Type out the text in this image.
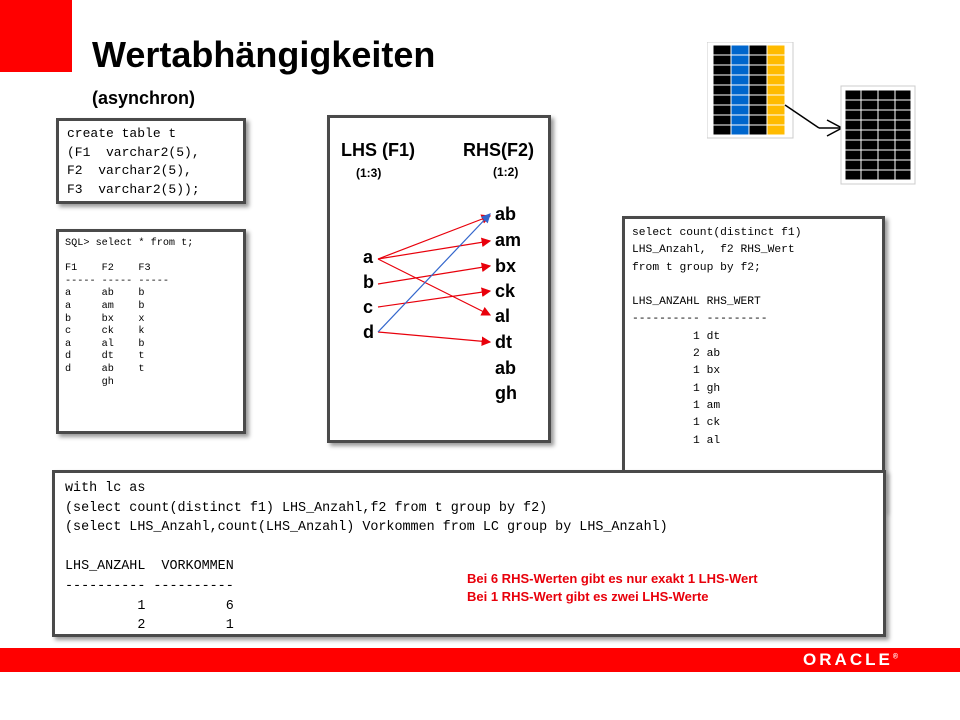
Wertabhängigkeiten
(asynchron)
create table t
(F1  varchar2(5),
F2  varchar2(5),
F3  varchar2(5));
SQL> select * from t;

F1    F2    F3
----- ----- -----
a     ab    b
a     am    b
b     bx    x
c     ck    k
a     al    b
d     dt    t
d     ab    t
gh
LHS (F1)	RHS(F2)
(1:3)	(1:2)
a
b
c
d
ab
am
bx
ck
al
dt
ab
gh
select count(distinct f1)
LHS_Anzahl,  f2 RHS_Wert
from t group by f2;

LHS_ANZAHL RHS_WERT
---------- ---------
1 dt
2 ab
1 bx
1 gh
1 am
1 ck
1 al
with lc as
(select count(distinct f1) LHS_Anzahl,f2 from t group by f2)
(select LHS_Anzahl,count(LHS_Anzahl) Vorkommen from LC group by LHS_Anzahl)

LHS_ANZAHL  VORKOMMEN
---------- ----------
1          6
2          1
Bei 6 RHS-Werten gibt es nur exakt 1 LHS-Wert
Bei 1 RHS-Wert gibt es zwei LHS-Werte
ORACLE®
